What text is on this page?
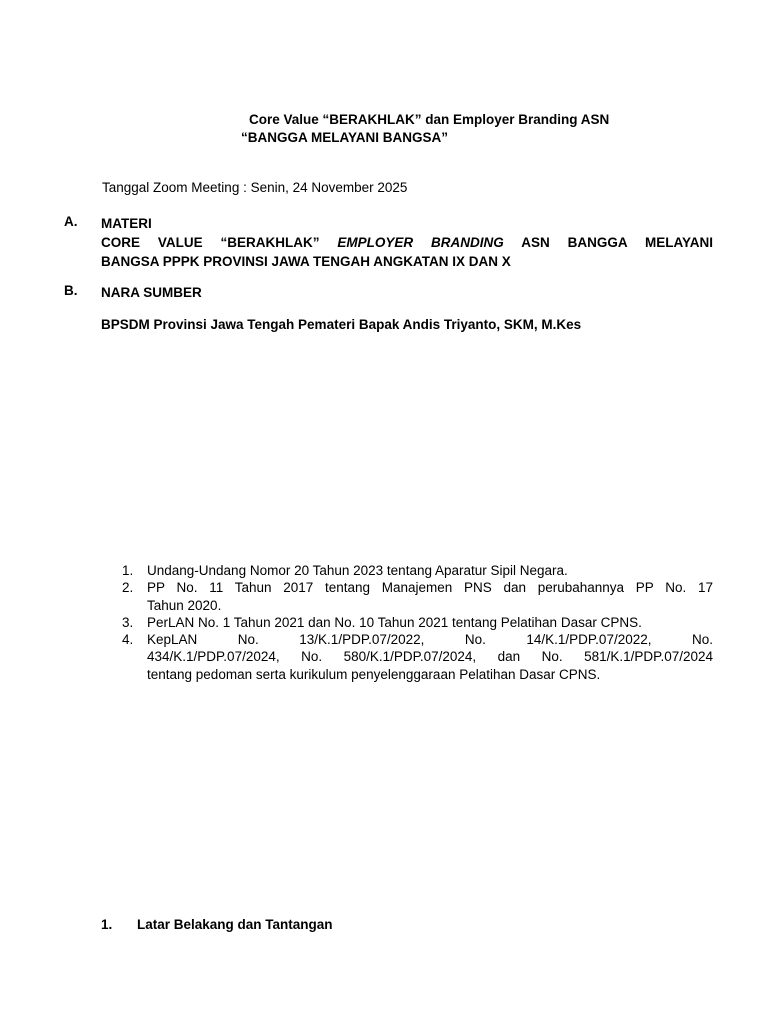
Core Value “BERAKHLAK” dan Employer Branding ASN
“BANGGA MELAYANI BANGSA”
Tanggal Zoom Meeting : Senin, 24 November 2025
A. MATERI
CORE VALUE “BERAKHLAK” EMPLOYER BRANDING ASN BANGGA MELAYANI
BANGSA PPPK PROVINSI JAWA TENGAH ANGKATAN IX DAN X
B. NARA SUMBER
BPSDM Provinsi Jawa Tengah Pemateri Bapak Andis Triyanto, SKM, M.Kes
1. Undang-Undang Nomor 20 Tahun 2023 tentang Aparatur Sipil Negara.
2. PP No. 11 Tahun 2017 tentang Manajemen PNS dan perubahannya PP No. 17
Tahun 2020.
3. PerLAN No. 1 Tahun 2021 dan No. 10 Tahun 2021 tentang Pelatihan Dasar CPNS.
4. KepLAN No. 13/K.1/PDP.07/2022, No. 14/K.1/PDP.07/2022, No.
434/K.1/PDP.07/2024, No. 580/K.1/PDP.07/2024, dan No. 581/K.1/PDP.07/2024
tentang pedoman serta kurikulum penyelenggaraan Pelatihan Dasar CPNS.
1. Latar Belakang dan Tantangan
